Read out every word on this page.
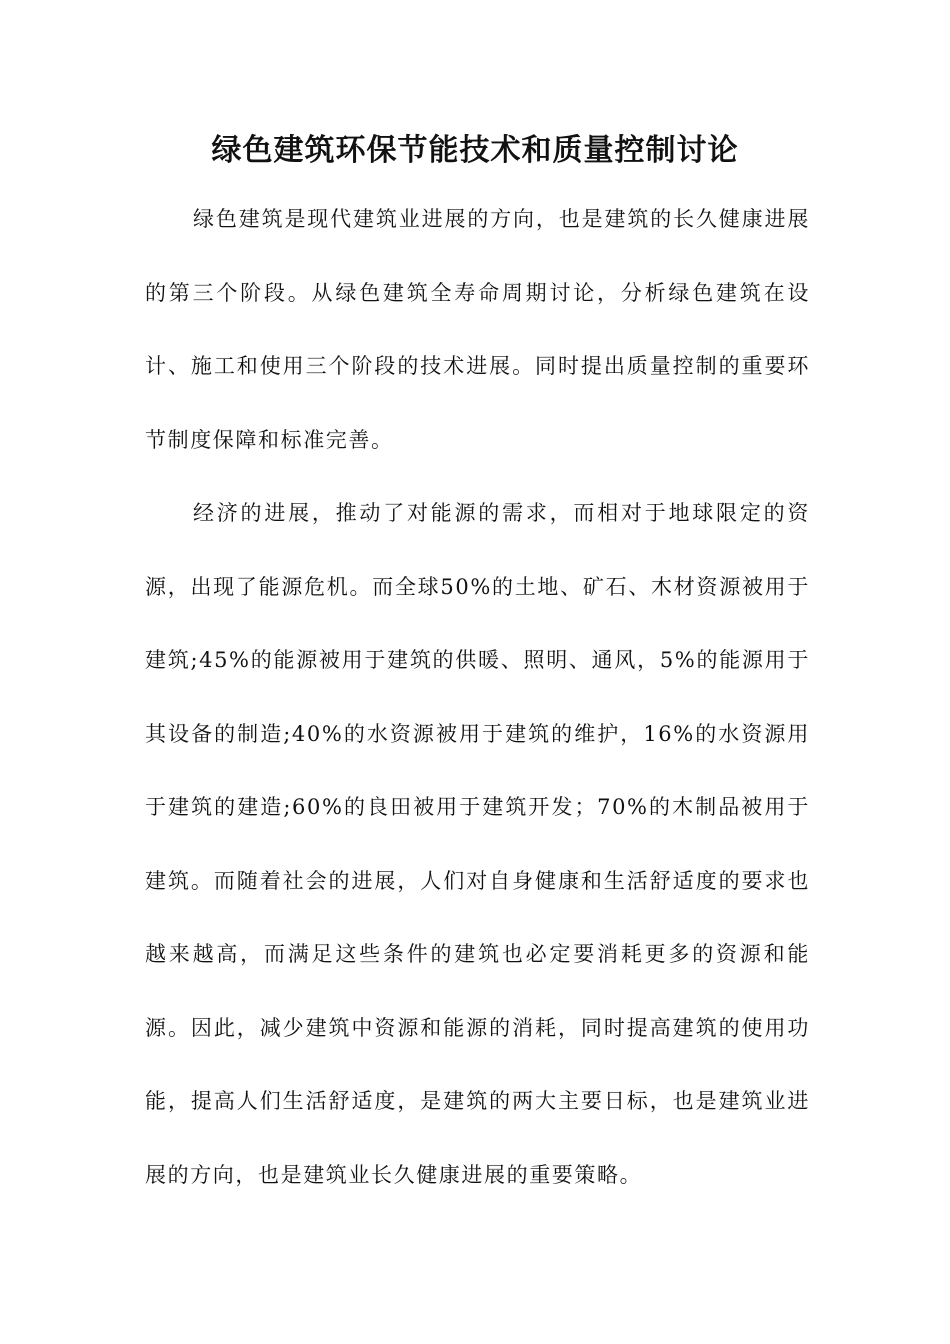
绿色建筑环保节能技术和质量控制讨论

绿色建筑是现代建筑业进展的方向，也是建筑的长久健康进展的第三个阶段。从绿色建筑全寿命周期讨论，分析绿色建筑在设计、施工和使用三个阶段的技术进展。同时提出质量控制的重要环节制度保障和标准完善。

经济的进展，推动了对能源的需求，而相对于地球限定的资源，出现了能源危机。而全球50%的土地、矿石、木材资源被用于建筑;45%的能源被用于建筑的供暖、照明、通风，5%的能源用于其设备的制造;40%的水资源被用于建筑的维护，16%的水资源用于建筑的建造;60%的良田被用于建筑开发；70%的木制品被用于建筑。而随着社会的进展，人们对自身健康和生活舒适度的要求也越来越高，而满足这些条件的建筑也必定要消耗更多的资源和能源。因此，减少建筑中资源和能源的消耗，同时提高建筑的使用功能，提高人们生活舒适度，是建筑的两大主要日标，也是建筑业进展的方向，也是建筑业长久健康进展的重要策略。
